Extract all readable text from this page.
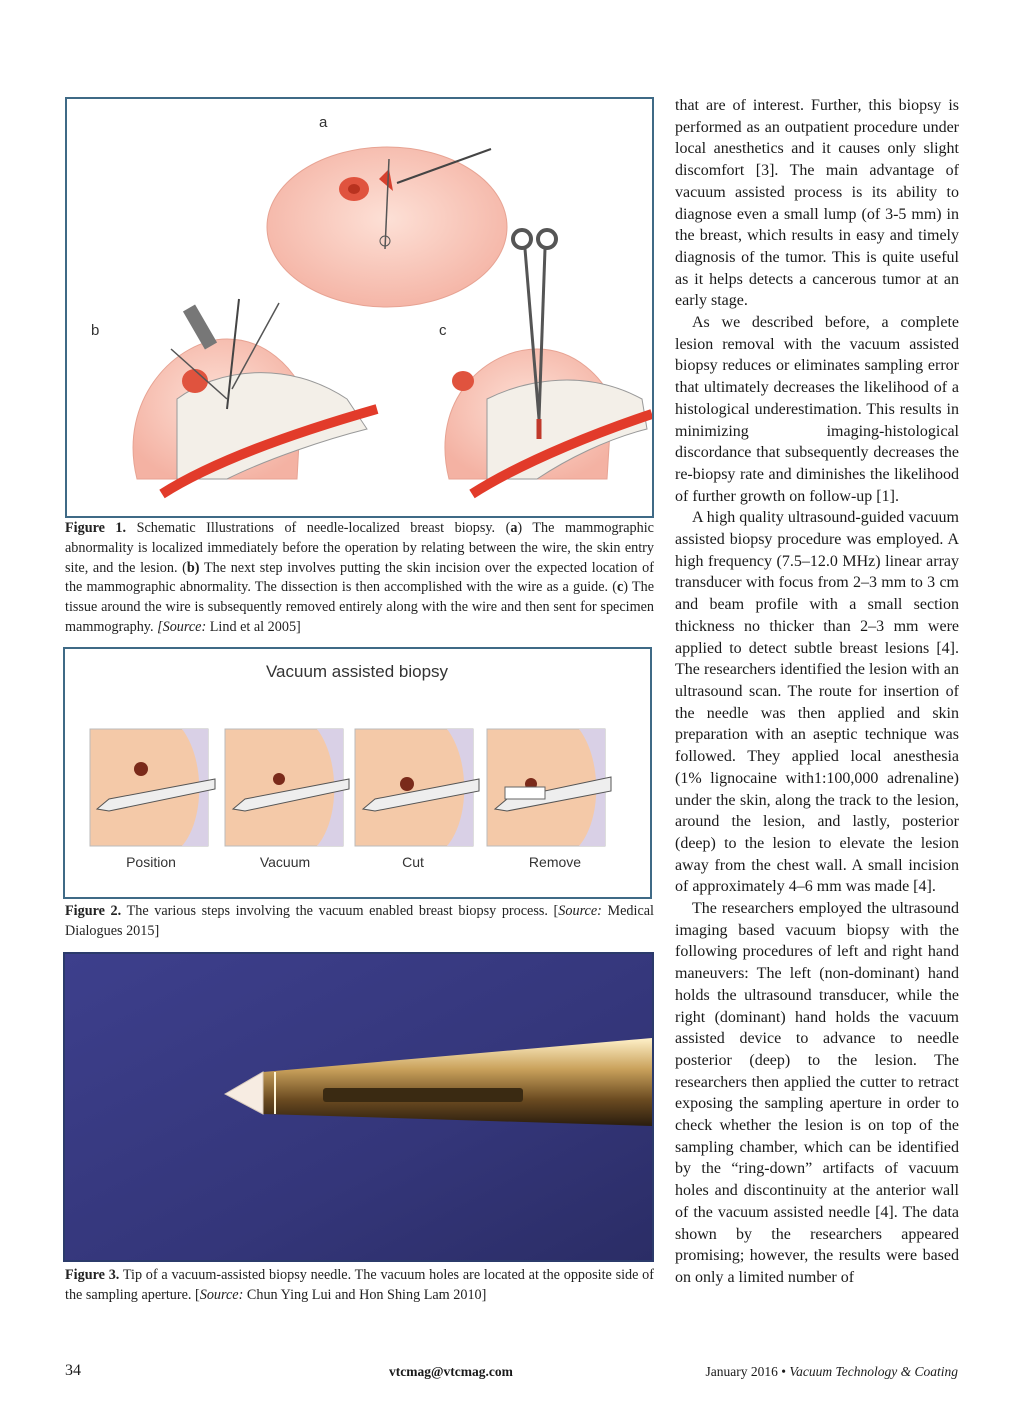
a
b	c

Figure 1. Schematic Illustrations of needle-localized breast biopsy. (a) The mammographic abnormality is localized immediately before the operation by relating between the wire, the skin entry site, and the lesion. (b) The next step involves putting the skin incision over the expected location of the mammographic abnormality. The dissection is then accomplished with the wire as a guide. (c) The tissue around the wire is subsequently removed entirely along with the wire and then sent for specimen mammography. [Source: Lind et al 2005]

Vacuum assisted biopsy
Position	Vacuum	Cut	Remove

Figure 2. The various steps involving the vacuum enabled breast biopsy process. [Source: Medical Dialogues 2015]

Figure 3. Tip of a vacuum-assisted biopsy needle. The vacuum holes are located at the opposite side of the sampling aperture. [Source: Chun Ying Lui and Hon Shing Lam 2010]

that are of interest. Further, this biopsy is performed as an outpatient procedure under local anesthetics and it causes only slight discomfort [3]. The main advantage of vacuum assisted process is its ability to diagnose even a small lump (of 3-5 mm) in the breast, which results in easy and timely diagnosis of the tumor. This is quite useful as it helps detects a cancerous tumor at an early stage.

As we described before, a complete lesion removal with the vacuum assisted biopsy reduces or eliminates sampling error that ultimately decreases the likelihood of a histological underestimation. This results in minimizing imaging-histological discordance that subsequently decreases the re-biopsy rate and diminishes the likelihood of further growth on follow-up [1].

A high quality ultrasound-guided vacuum assisted biopsy procedure was employed. A high frequency (7.5–12.0 MHz) linear array transducer with focus from 2–3 mm to 3 cm and beam profile with a small section thickness no thicker than 2–3 mm were applied to detect subtle breast lesions [4]. The researchers identified the lesion with an ultrasound scan. The route for insertion of the needle was then applied and skin preparation with an aseptic technique was followed. They applied local anesthesia (1% lignocaine with1:100,000 adrenaline) under the skin, along the track to the lesion, around the lesion, and lastly, posterior (deep) to the lesion to elevate the lesion away from the chest wall. A small incision of approximately 4–6 mm was made [4].

The researchers employed the ultrasound imaging based vacuum biopsy with the following procedures of left and right hand maneuvers: The left (non-dominant) hand holds the ultrasound transducer, while the right (dominant) hand holds the vacuum assisted device to advance to needle posterior (deep) to the lesion. The researchers then applied the cutter to retract exposing the sampling aperture in order to check whether the lesion is on top of the sampling chamber, which can be identified by the “ring-down” artifacts of vacuum holes and discontinuity at the anterior wall of the vacuum assisted needle [4]. The data shown by the researchers appeared promising; however, the results were based on only a limited number of

34	vtcmag@vtcmag.com	January 2016 • Vacuum Technology & Coating
